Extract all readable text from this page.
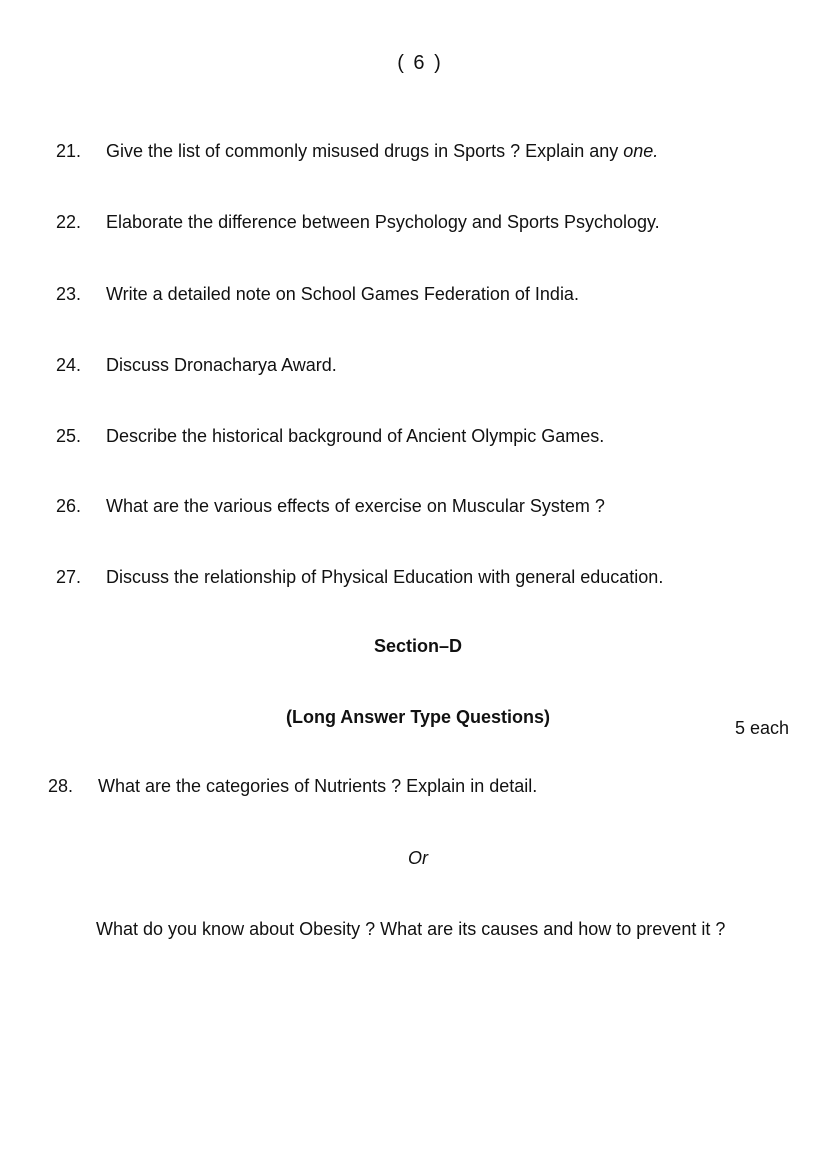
( 6 )
21. Give the list of commonly misused drugs in Sports ? Explain any one.
22. Elaborate the difference between Psychology and Sports Psychology.
23. Write a detailed note on School Games Federation of India.
24. Discuss Dronacharya Award.
25. Describe the historical background of Ancient Olympic Games.
26. What are the various effects of exercise on Muscular System ?
27. Discuss the relationship of Physical Education with general education.
Section–D
(Long Answer Type Questions)
5 each
28. What are the categories of Nutrients ? Explain in detail.
Or
What do you know about Obesity ? What are its causes and how to prevent it ?
